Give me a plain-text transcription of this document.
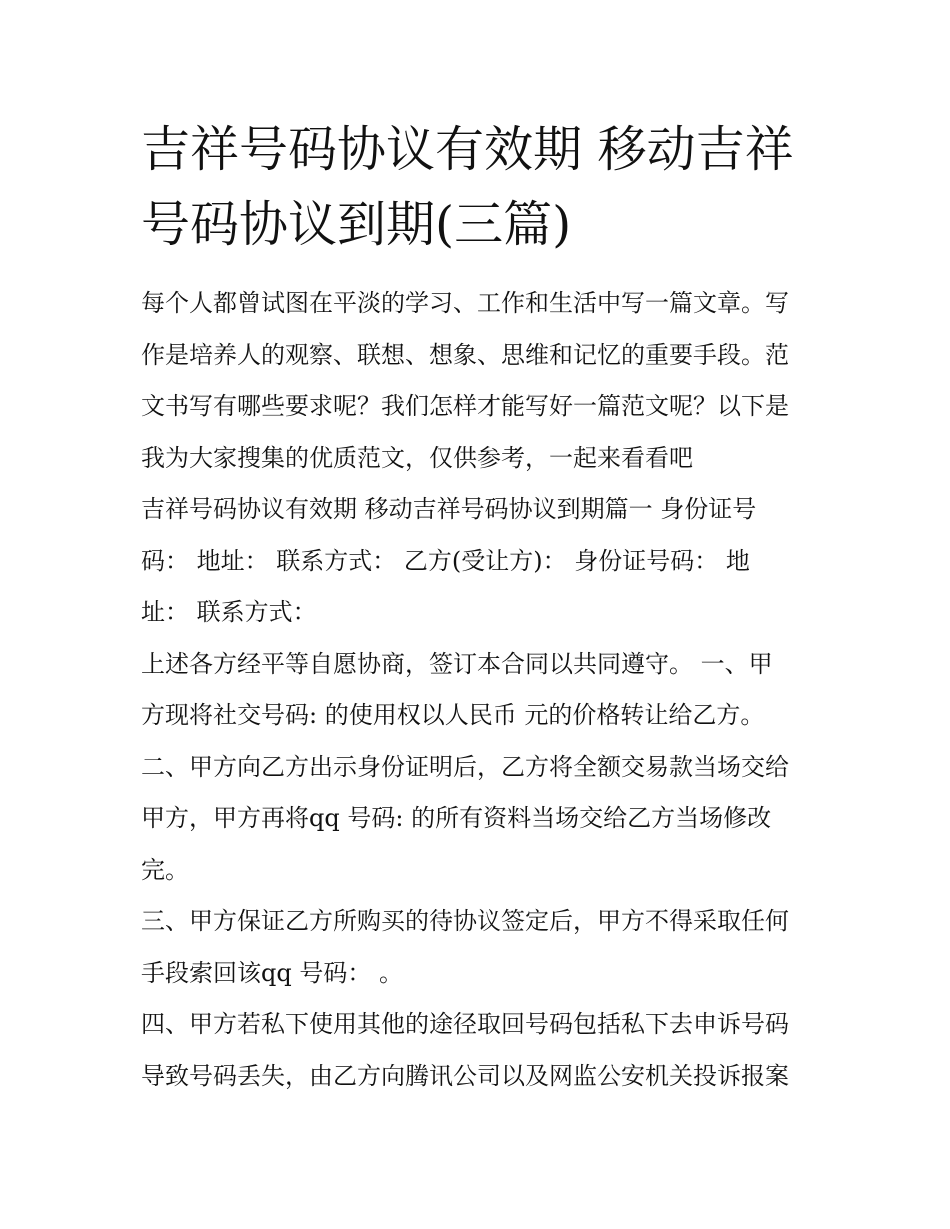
吉祥号码协议有效期 移动吉祥
号码协议到期(三篇)

每个人都曾试图在平淡的学习、工作和生活中写一篇文章。写
作是培养人的观察、联想、想象、思维和记忆的重要手段。范
文书写有哪些要求呢？我们怎样才能写好一篇范文呢？以下是
我为大家搜集的优质范文，仅供参考，一起来看看吧

吉祥号码协议有效期 移动吉祥号码协议到期篇一 身份证号
码： 地址： 联系方式： 乙方(受让方)： 身份证号码： 地
址： 联系方式：

上述各方经平等自愿协商，签订本合同以共同遵守。 一、甲
方现将社交号码: 的使用权以人民币 元的价格转让给乙方。

二、甲方向乙方出示身份证明后，乙方将全额交易款当场交给
甲方，甲方再将qq 号码: 的所有资料当场交给乙方当场修改
完。

三、甲方保证乙方所购买的待协议签定后，甲方不得采取任何
手段索回该qq 号码： 。

四、甲方若私下使用其他的途径取回号码包括私下去申诉号码
导致号码丢失，由乙方向腾讯公司以及网监公安机关投诉报案
